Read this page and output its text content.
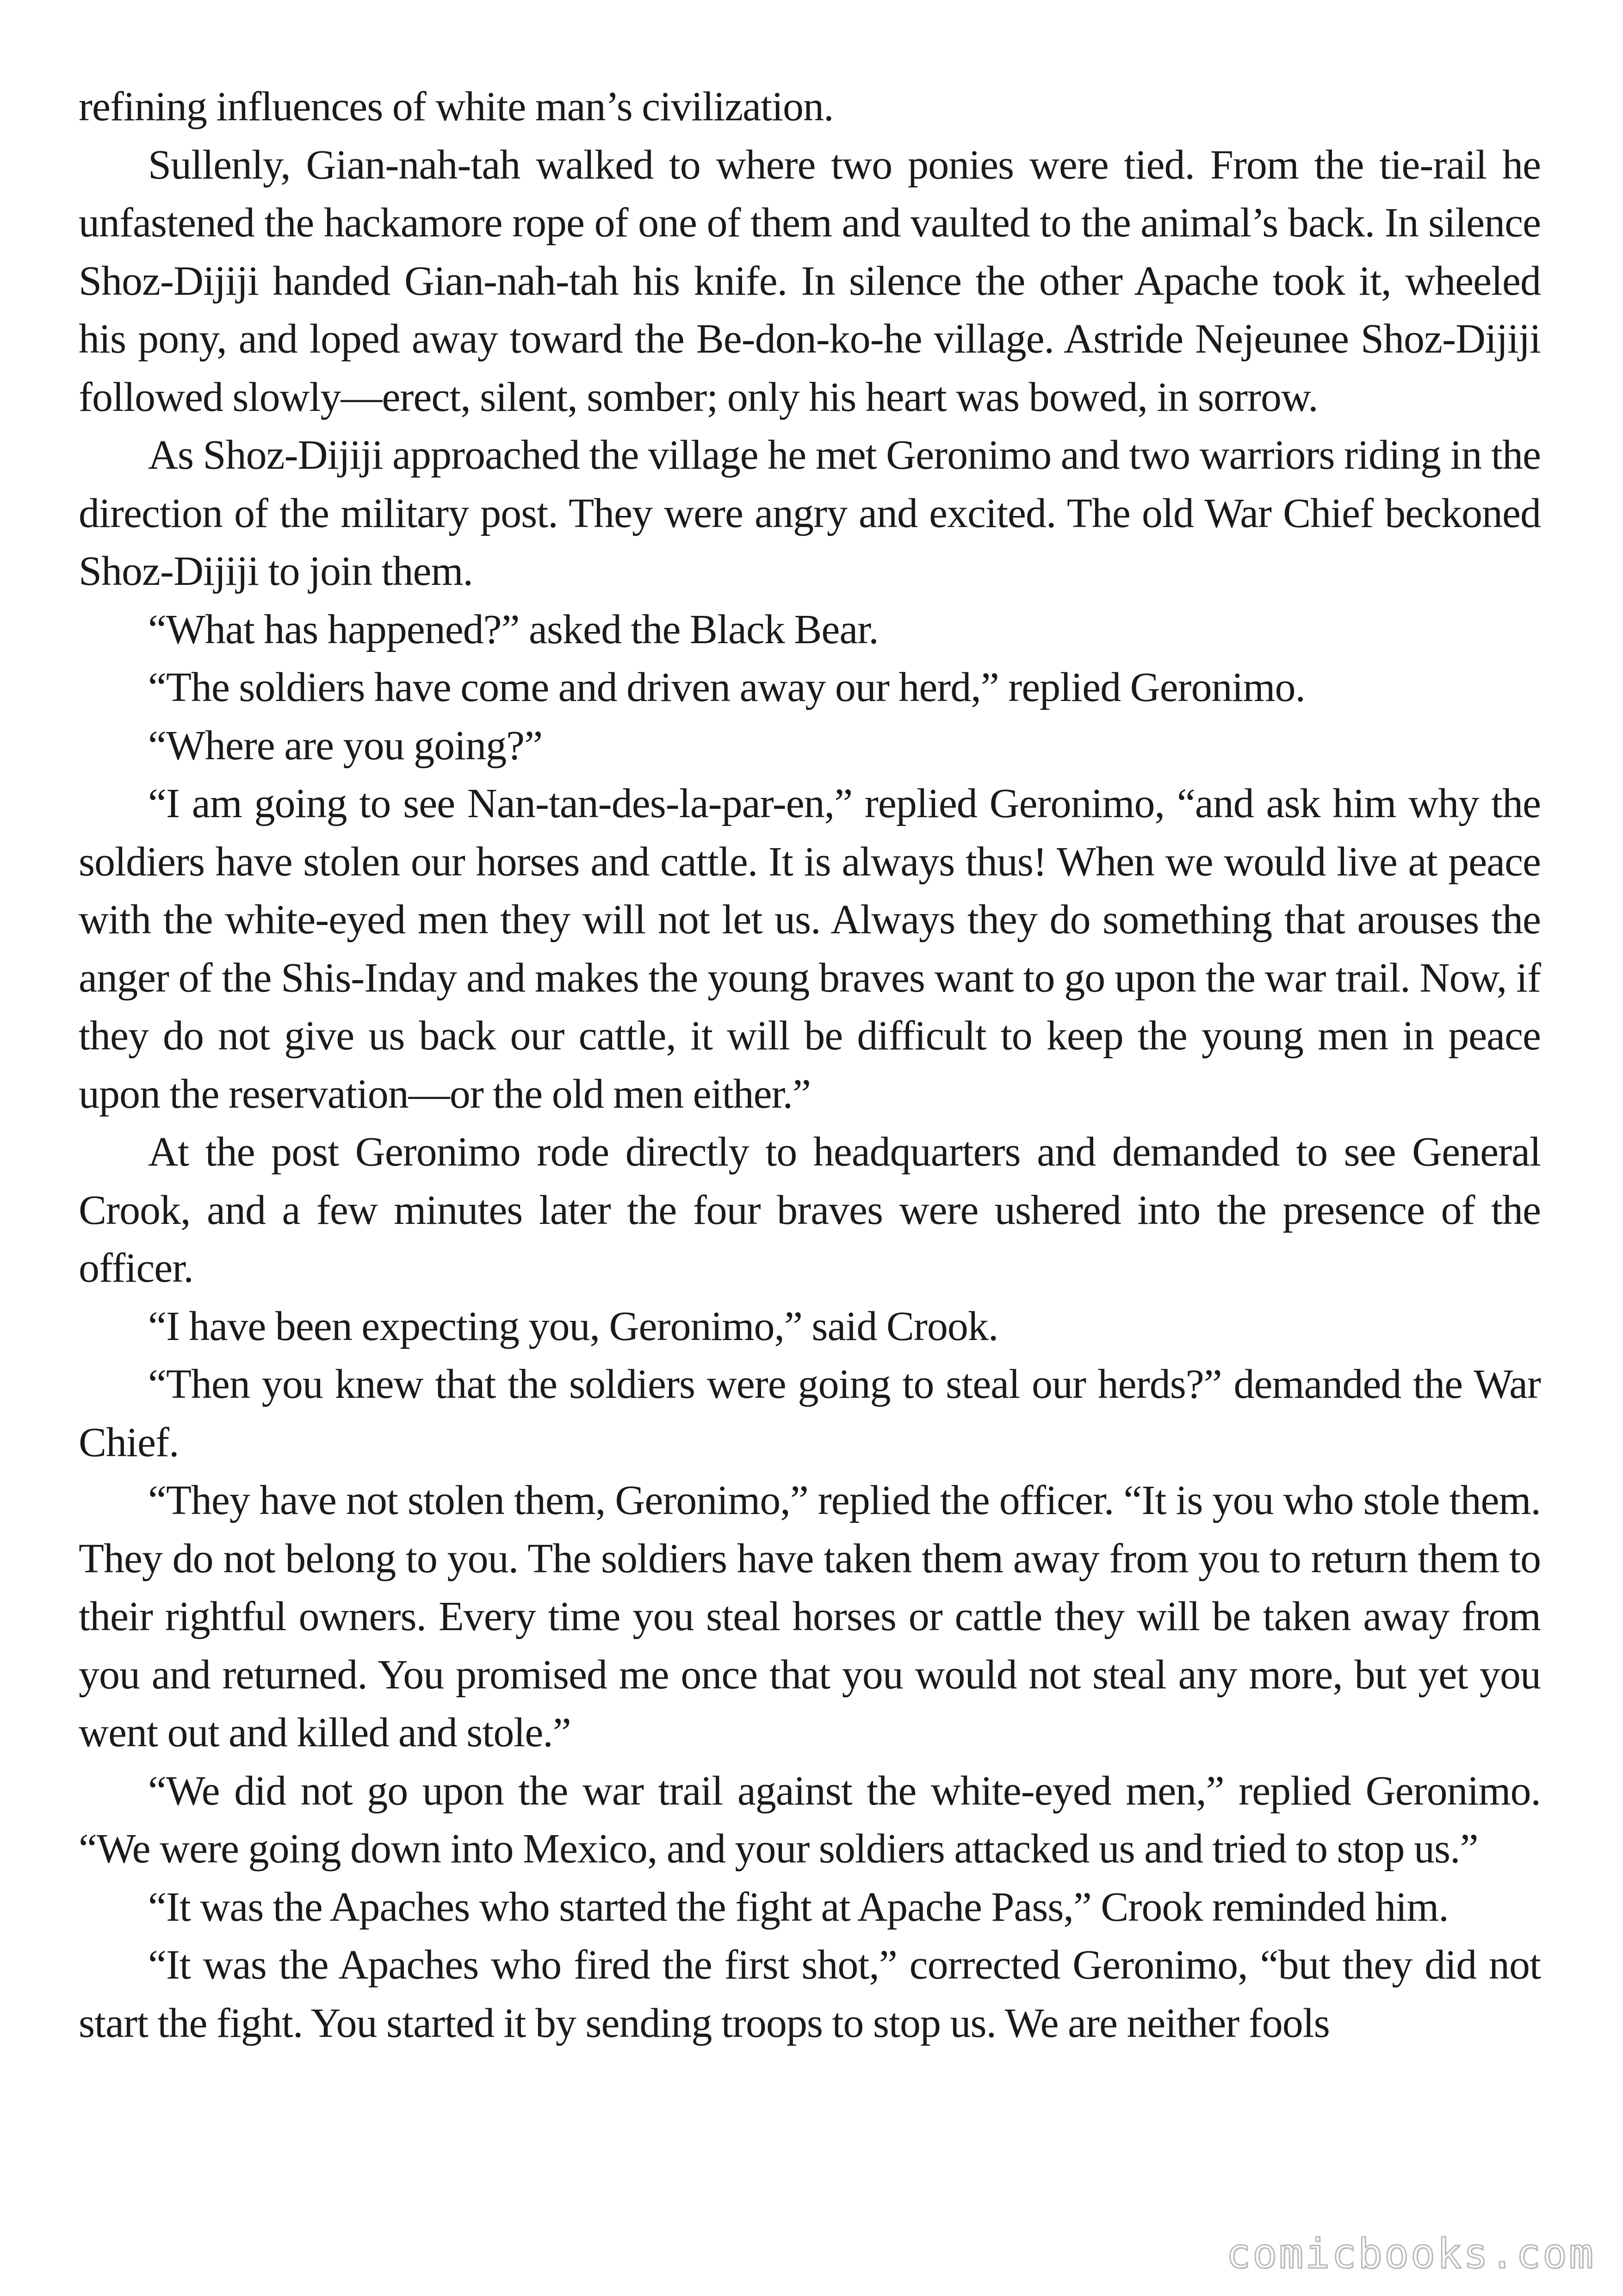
refining influences of white man’s civilization.

Sullenly, Gian-nah-tah walked to where two ponies were tied. From the tie-rail he unfastened the hackamore rope of one of them and vaulted to the animal’s back. In silence Shoz-Dijiji handed Gian-nah-tah his knife. In silence the other Apache took it, wheeled his pony, and loped away toward the Be-don-ko-he village. Astride Nejeunee Shoz-Dijiji followed slowly—erect, silent, somber; only his heart was bowed, in sorrow.

As Shoz-Dijiji approached the village he met Geronimo and two warriors riding in the direction of the military post. They were angry and excited. The old War Chief beckoned Shoz-Dijiji to join them.

“What has happened?” asked the Black Bear.

“The soldiers have come and driven away our herd,” replied Geronimo.

“Where are you going?”

“I am going to see Nan-tan-des-la-par-en,” replied Geronimo, “and ask him why the soldiers have stolen our horses and cattle. It is always thus! When we would live at peace with the white-eyed men they will not let us. Always they do something that arouses the anger of the Shis-Inday and makes the young braves want to go upon the war trail. Now, if they do not give us back our cattle, it will be difficult to keep the young men in peace upon the reservation—or the old men either.”

At the post Geronimo rode directly to headquarters and demanded to see General Crook, and a few minutes later the four braves were ushered into the presence of the officer.

“I have been expecting you, Geronimo,” said Crook.

“Then you knew that the soldiers were going to steal our herds?” demanded the War Chief.

“They have not stolen them, Geronimo,” replied the officer. “It is you who stole them. They do not belong to you. The soldiers have taken them away from you to return them to their rightful owners. Every time you steal horses or cattle they will be taken away from you and returned. You promised me once that you would not steal any more, but yet you went out and killed and stole.”

“We did not go upon the war trail against the white-eyed men,” replied Geronimo. “We were going down into Mexico, and your soldiers attacked us and tried to stop us.”

“It was the Apaches who started the fight at Apache Pass,” Crook reminded him.

“It was the Apaches who fired the first shot,” corrected Geronimo, “but they did not start the fight. You started it by sending troops to stop us. We are neither fools

comicbooks.com
